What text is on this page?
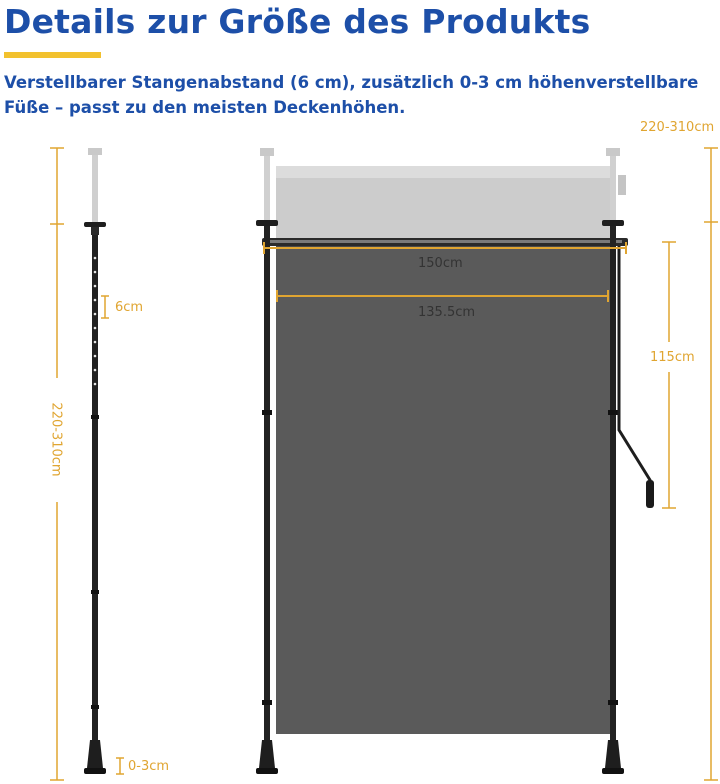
Details zur Größe des Produkts
Verstellbarer Stangenabstand (6 cm), zusätzlich 0-3 cm höhenverstellbare Füße – passt zu den meisten Deckenhöhen.
220-310cm
6cm
0-3cm
220-310cm
150cm
135.5cm
115cm
